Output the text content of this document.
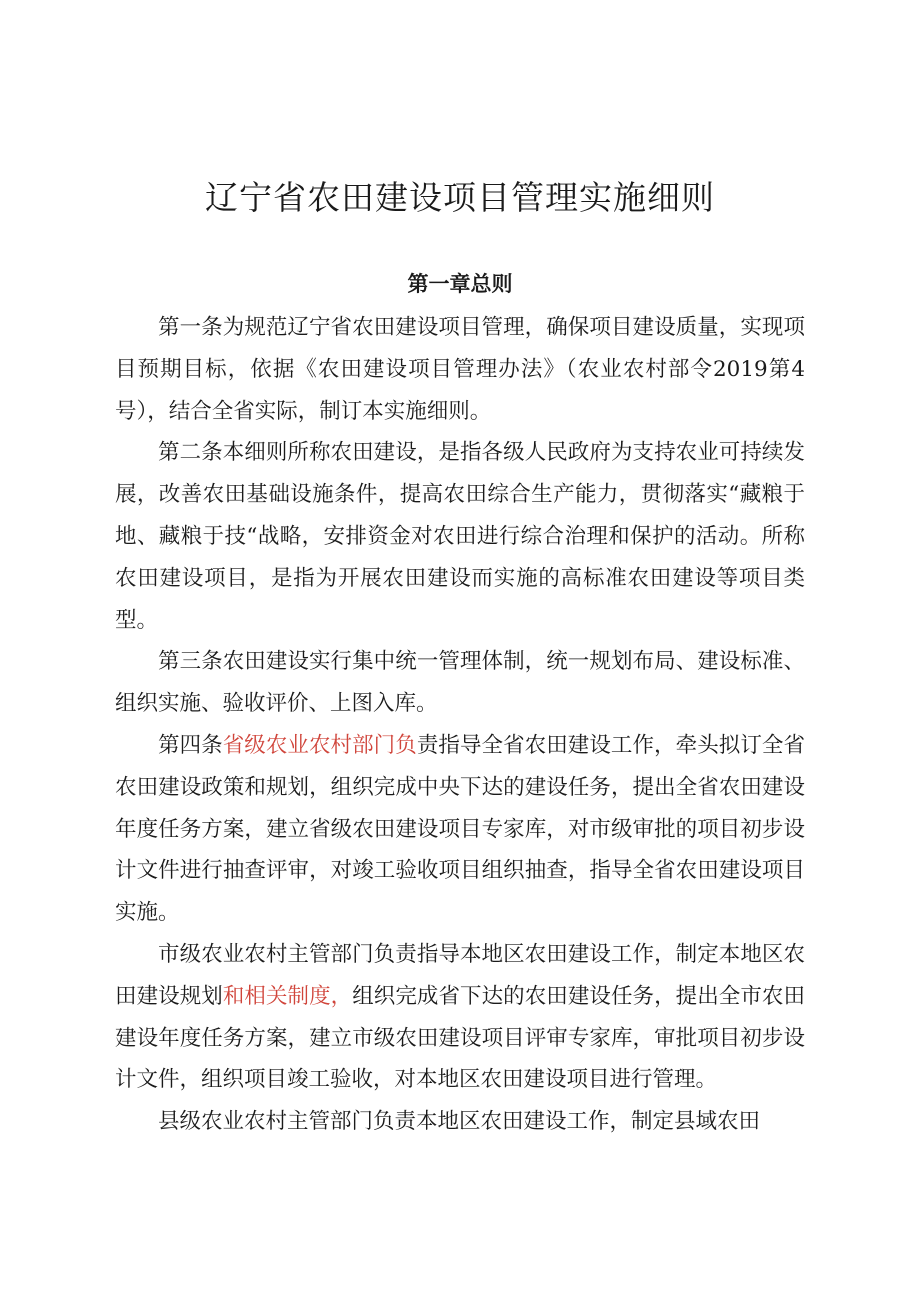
辽宁省农田建设项目管理实施细则
第一章总则

第一条为规范辽宁省农田建设项目管理，确保项目建设质量，实现项目预期目标，依据《农田建设项目管理办法》（农业农村部令2019第4号），结合全省实际，制订本实施细则。

第二条本细则所称农田建设，是指各级人民政府为支持农业可持续发展，改善农田基础设施条件，提高农田综合生产能力，贯彻落实“藏粮于地、藏粮于技“战略，安排资金对农田进行综合治理和保护的活动。所称农田建设项目，是指为开展农田建设而实施的高标准农田建设等项目类型。

第三条农田建设实行集中统一管理体制，统一规划布局、建设标准、组织实施、验收评价、上图入库。

第四条省级农业农村部门负责指导全省农田建设工作，牵头拟订全省农田建设政策和规划，组织完成中央下达的建设任务，提出全省农田建设年度任务方案，建立省级农田建设项目专家库，对市级审批的项目初步设计文件进行抽查评审，对竣工验收项目组织抽查，指导全省农田建设项目实施。

市级农业农村主管部门负责指导本地区农田建设工作，制定本地区农田建设规划和相关制度，组织完成省下达的农田建设任务，提出全市农田建设年度任务方案，建立市级农田建设项目评审专家库，审批项目初步设计文件，组织项目竣工验收，对本地区农田建设项目进行管理。

县级农业农村主管部门负责本地区农田建设工作，制定县域农田
